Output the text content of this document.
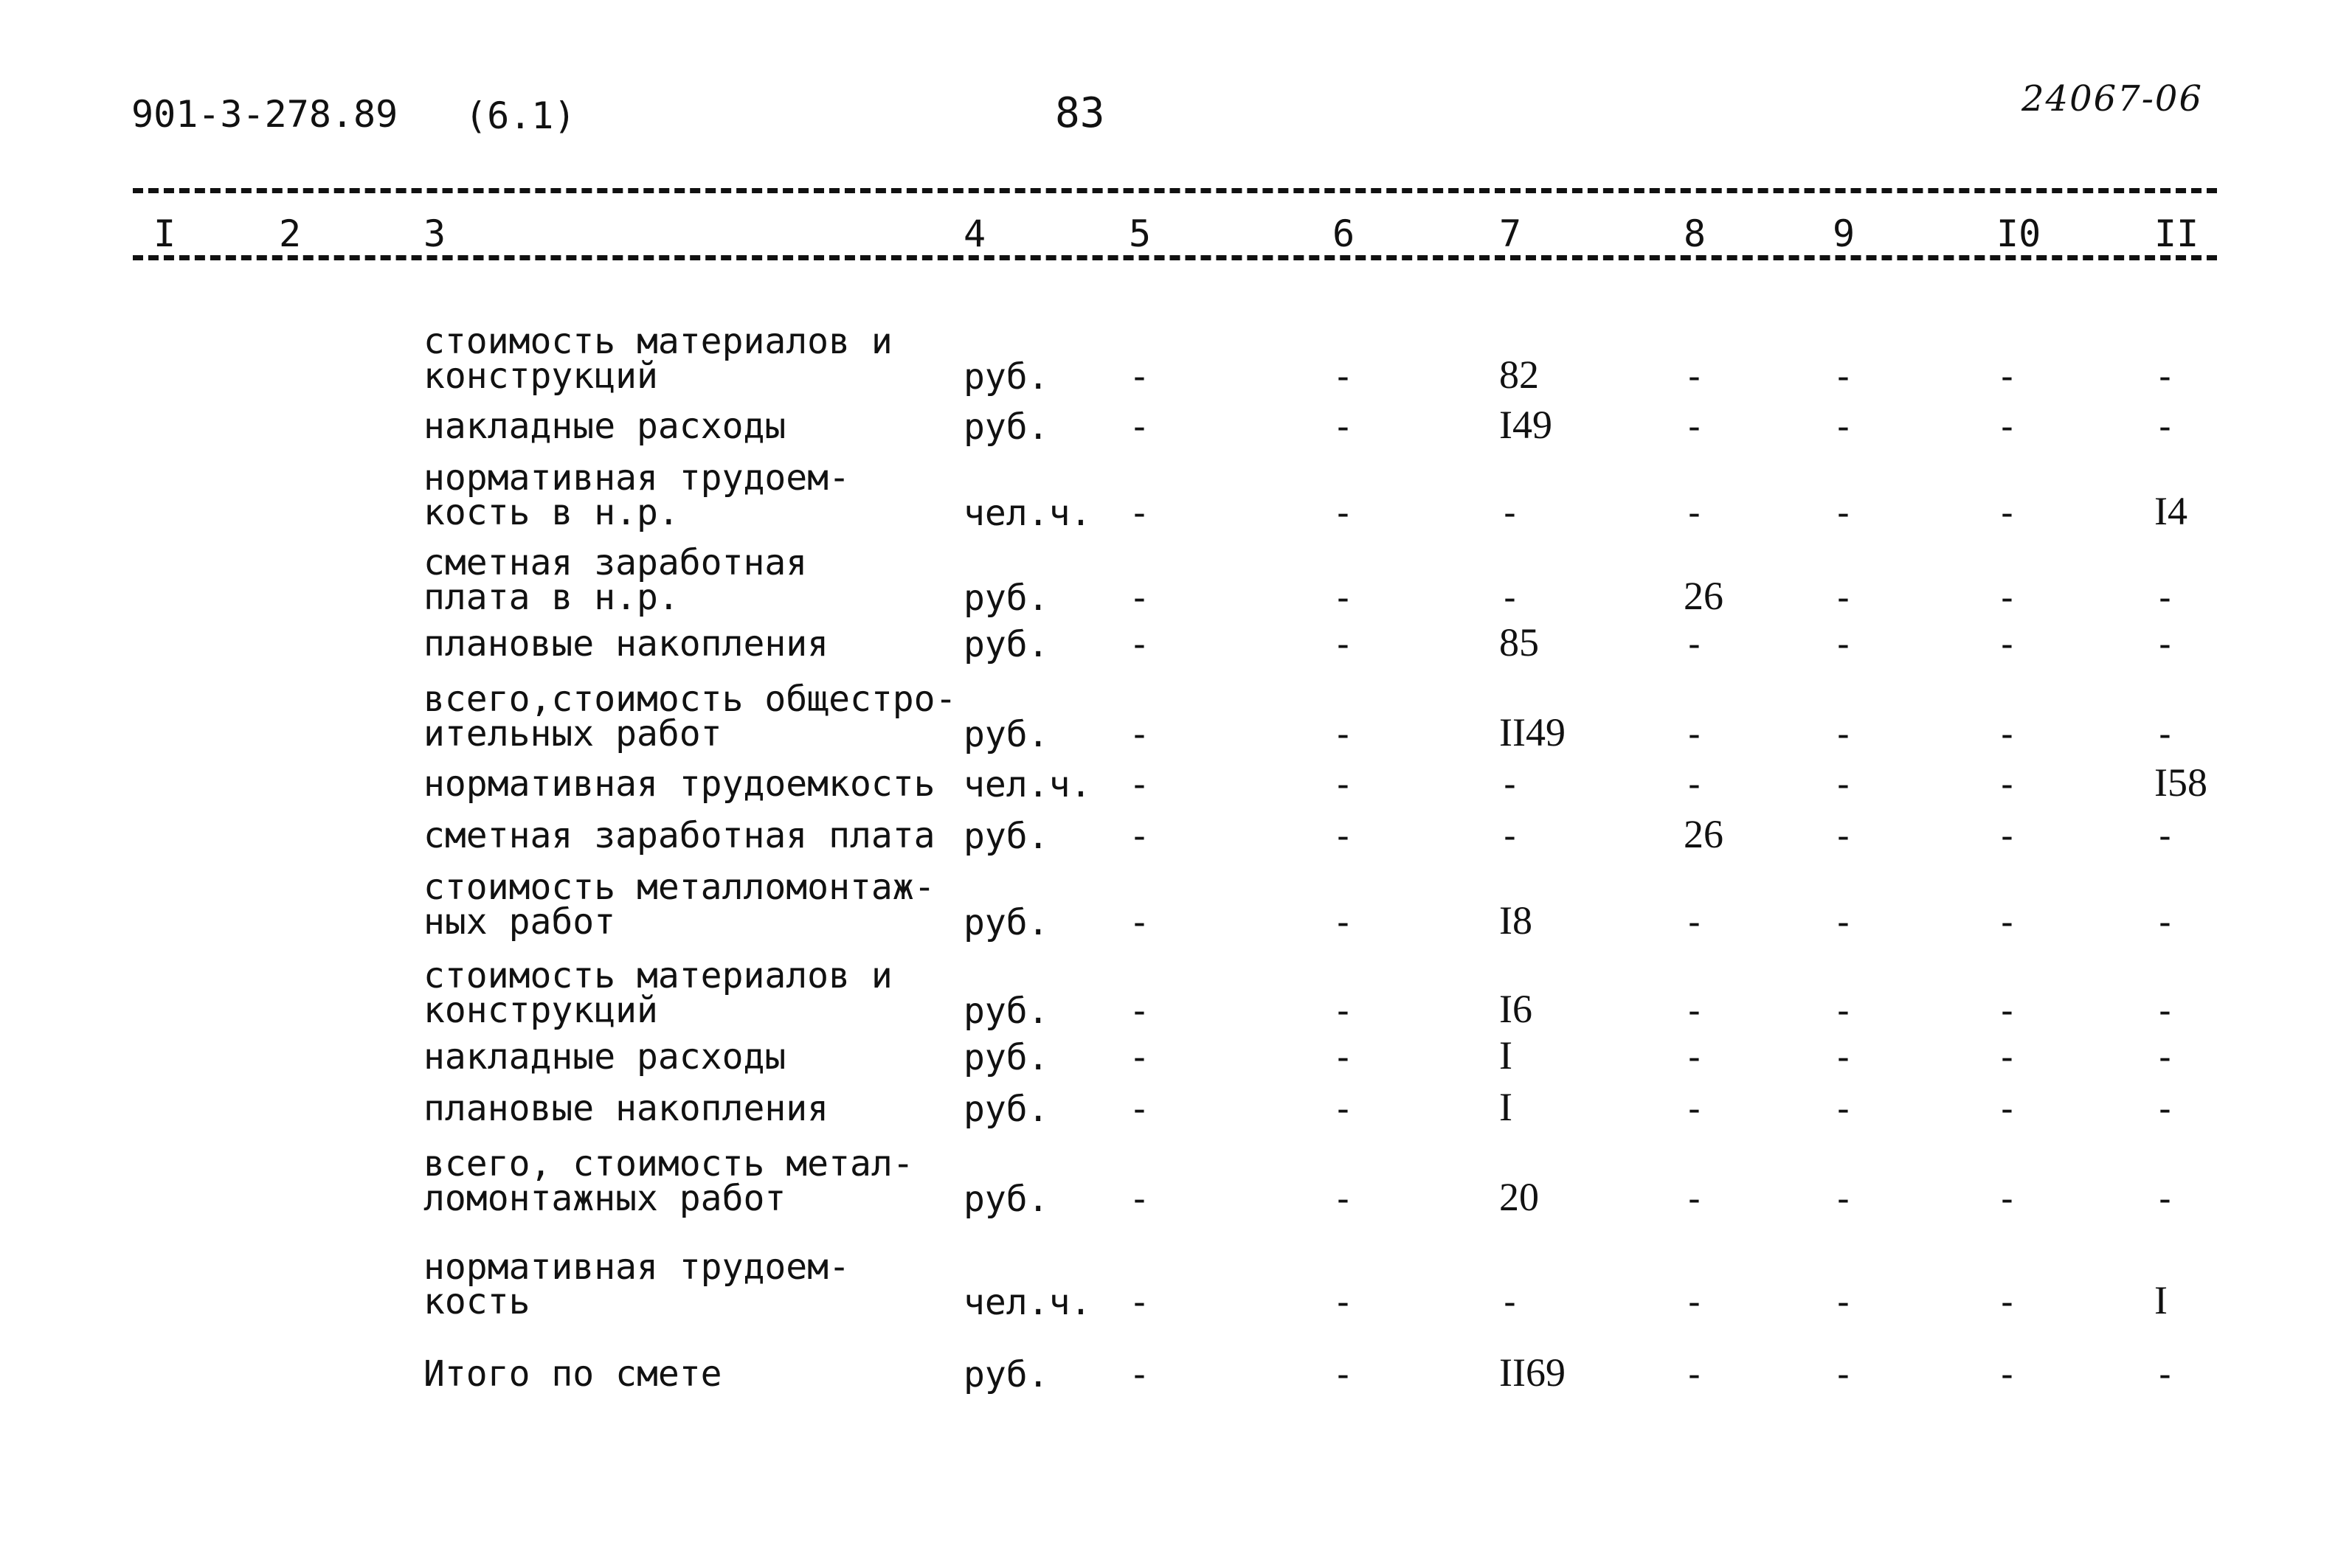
901-3-278.89 (6.1)	83	24067-06
I	2	3	4	5	6	7	8	9	I0	II
стоимость материалов и
конструкций	руб. -	-	82	-	-	-	-
накладные расходы	руб. -	-	I49	-	-	-	-
нормативная трудоем-
кость в н.р.	чел.ч. -	-	-	-	-	-	I4
сметная заработная
плата в н.р.	руб. -	-	-	26	-	-	-
плановые накопления	руб. -	-	85	-	-	-	-
всего,стоимость общестро-
ительных работ	руб. -	-	II49	-	-	-	-
нормативная трудоемкость чел.ч. -	-	-	-	-	-	I58
сметная заработная плата руб. -	-	-	26	-	-	-
стоимость металломонтаж-
ных работ	руб. -	-	I8	-	-	-	-
стоимость материалов и
конструкций	руб. -	-	I6	-	-	-	-
накладные расходы	руб. -	-	I	-	-	-	-
плановые накопления	руб. -	-	I	-	-	-	-
всего, стоимость метал-
ломонтажных работ	руб. -	-	20	-	-	-	-
нормативная трудоем-
кость	чел.ч. -	-	-	-	-	-	I
Итого по смете	руб. -	-	II69	-	-	-	-
